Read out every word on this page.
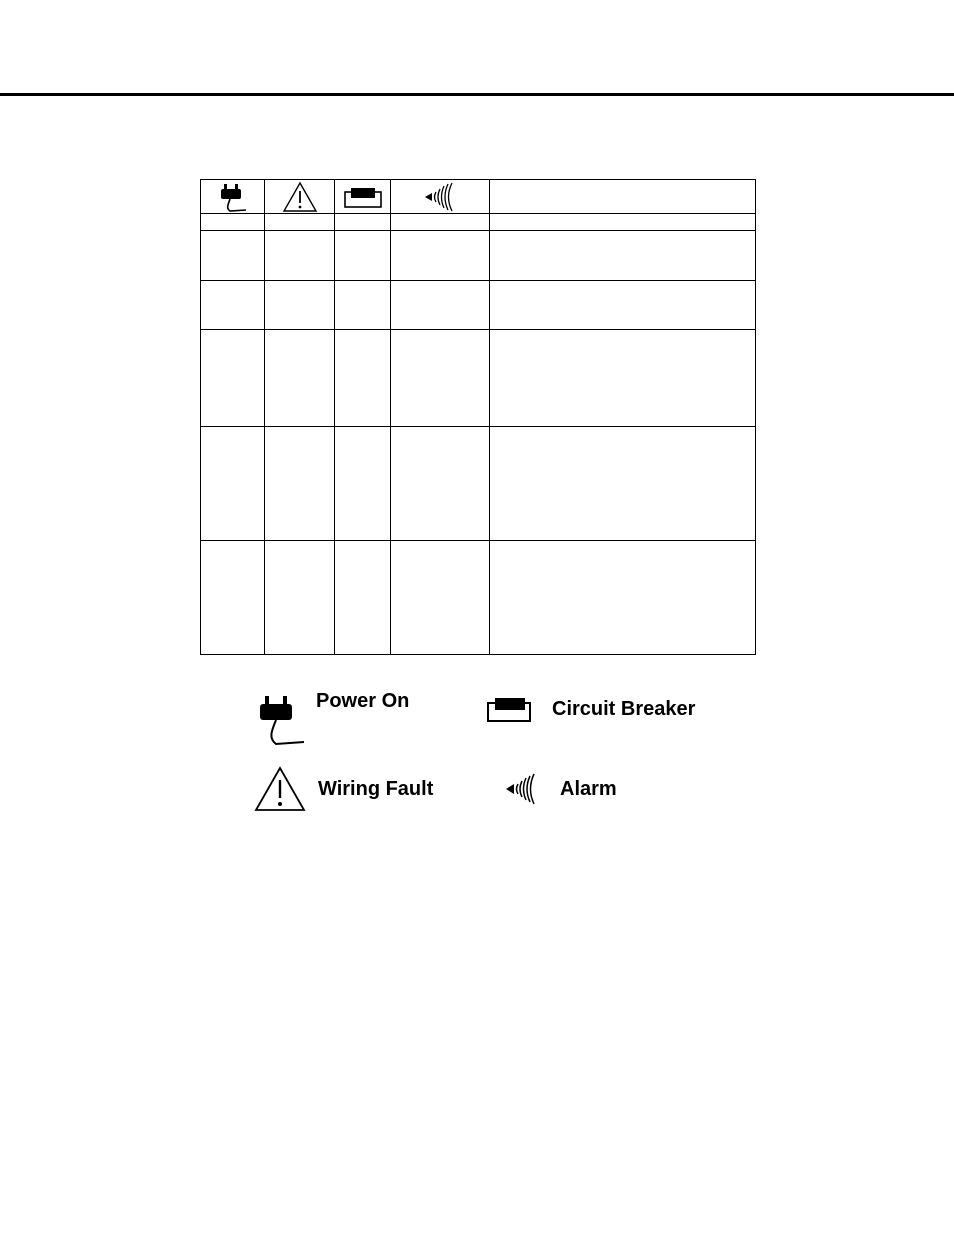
Power On	Circuit Breaker
Wiring Fault	Alarm
